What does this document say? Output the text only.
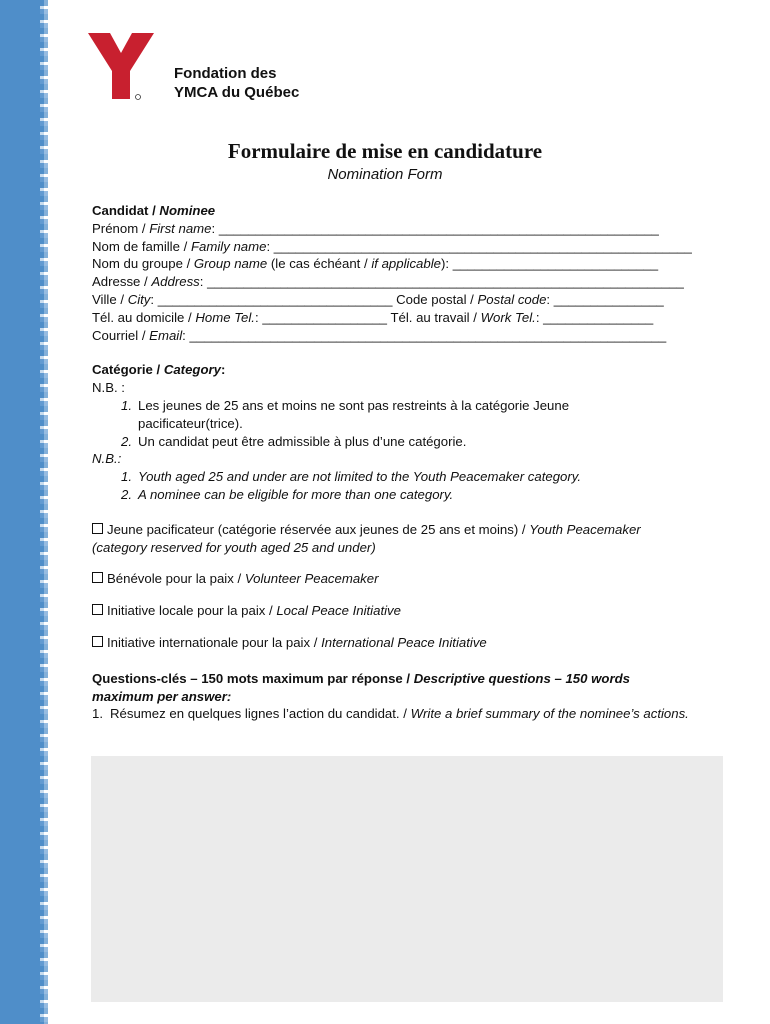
Fondation des
YMCA du Québec
Formulaire de mise en candidature
Nomination Form

Candidat / Nominee

Prénom / First name: ____________________________________________________________

Nom de famille / Family name: _________________________________________________________

Nom du groupe / Group name (le cas échéant / if applicable): ____________________________

Adresse / Address: _________________________________________________________________

Ville / City: ________________________________ Code postal / Postal code: _______________

Tél. au domicile / Home Tel.: _________________ Tél. au travail / Work Tel.: _______________

Courriel / Email: _________________________________________________________________

Catégorie / Category:

N.B. :

1. Les jeunes de 25 ans et moins ne sont pas restreints à la catégorie Jeune pacificateur(trice).
2. Un candidat peut être admissible à plus d’une catégorie.

N.B.:

1. Youth aged 25 and under are not limited to the Youth Peacemaker category.
2. A nominee can be eligible for more than one category.

Jeune pacificateur (catégorie réservée aux jeunes de 25 ans et moins) / Youth Peacemaker

(category reserved for youth aged 25 and under)

Bénévole pour la paix / Volunteer Peacemaker

Initiative locale pour la paix / Local Peace Initiative

Initiative internationale pour la paix / International Peace Initiative

Questions-clés – 150 mots maximum par réponse / Descriptive questions – 150 words maximum per answer:
1. Résumez en quelques lignes l’action du candidat. / Write a brief summary of the nominee’s actions.
